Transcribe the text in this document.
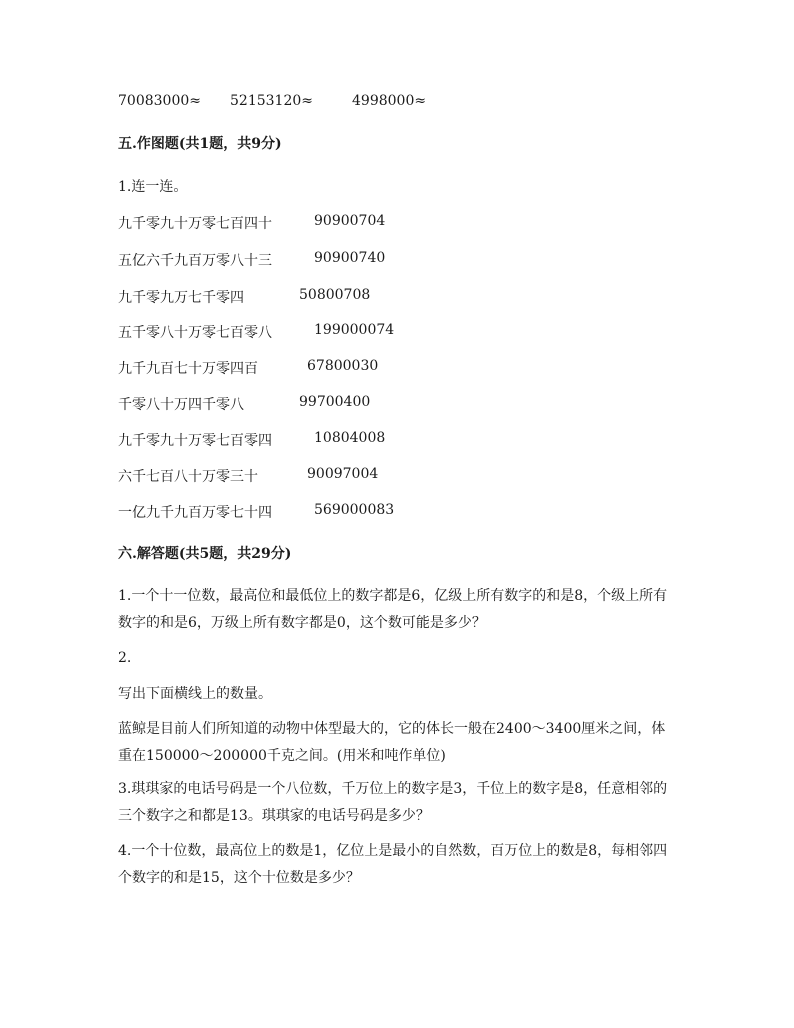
70083000≈ 52153120≈	4998000≈
五.作图题(共1题，共9分)
1.连一连。
九千零九十万零七百四十	90900704
五亿六千九百万零八十三	90900740
九千零九万七千零四	50800708
五千零八十万零七百零八	199000074
九千九百七十万零四百	67800030
千零八十万四千零八	99700400
九千零九十万零七百零四	10804008
六千七百八十万零三十	90097004
一亿九千九百万零七十四	569000083
六.解答题(共5题，共29分)
1.一个十一位数，最高位和最低位上的数字都是6，亿级上所有数字的和是8，个级上所有数字的和是6，万级上所有数字都是0，这个数可能是多少？
2.
写出下面横线上的数量。
蓝鲸是目前人们所知道的动物中体型最大的，它的体长一般在2400～3400厘米之间，体重在150000～200000千克之间。(用米和吨作单位)
3.琪琪家的电话号码是一个八位数，千万位上的数字是3，千位上的数字是8，任意相邻的三个数字之和都是13。琪琪家的电话号码是多少？
4.一个十位数，最高位上的数是1，亿位上是最小的自然数，百万位上的数是8，每相邻四个数字的和是15，这个十位数是多少？
